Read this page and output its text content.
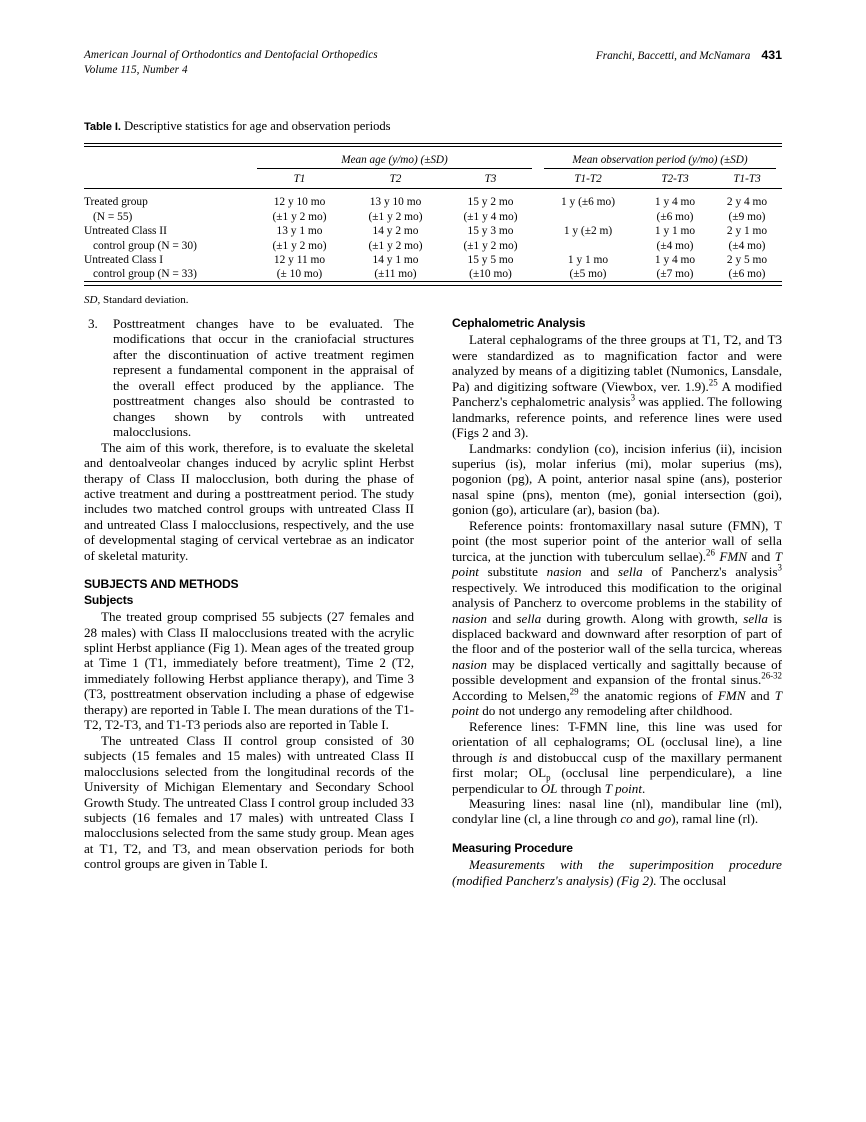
American Journal of Orthodontics and Dentofacial Orthopedics
Volume 115, Number 4
Franchi, Baccetti, and McNamara 431
Table I. Descriptive statistics for age and observation periods

	Mean age (y/mo) (±SD)			Mean observation period (y/mo) (±SD)		

	T1	T2	T3	T1-T2	T2-T3	T1-T3

Treated group	12 y 10 mo	13 y 10 mo	15 y 2 mo	1 y (±6 mo)	1 y 4 mo	2 y 4 mo
(N = 55)	(±1 y 2 mo)	(±1 y 2 mo)	(±1 y 4 mo)		(±6 mo)	(±9 mo)
Untreated Class II	13 y 1 mo	14 y 2 mo	15 y 3 mo	1 y (±2 m)	1 y 1 mo	2 y 1 mo
control group (N = 30)	(±1 y 2 mo)	(±1 y 2 mo)	(±1 y 2 mo)		(±4 mo)	(±4 mo)
Untreated Class I	12 y 11 mo	14 y 1 mo	15 y 5 mo	1 y 1 mo	1 y 4 mo	2 y 5 mo
control group (N = 33)	(± 10 mo)	(±11 mo)	(±10 mo)	(±5 mo)	(±7 mo)	(±6 mo)

SD, Standard deviation.
3. Posttreatment changes have to be evaluated. The modifications that occur in the craniofacial structures after the discontinuation of active treatment regimen represent a fundamental component in the appraisal of the overall effect produced by the appliance. The posttreatment changes also should be contrasted to changes shown by controls with untreated malocclusions.

The aim of this work, therefore, is to evaluate the skeletal and dentoalveolar changes induced by acrylic splint Herbst therapy of Class II malocclusion, both during the phase of active treatment and during a posttreatment period. The study includes two matched control groups with untreated Class II and untreated Class I malocclusions, respectively, and the use of developmental staging of cervical vertebrae as an indicator of skeletal maturity.

SUBJECTS AND METHODS
Subjects

The treated group comprised 55 subjects (27 females and 28 males) with Class II malocclusions treated with the acrylic splint Herbst appliance (Fig 1). Mean ages of the treated group at Time 1 (T1, immediately before treatment), Time 2 (T2, immediately following Herbst appliance therapy), and Time 3 (T3, posttreatment observation including a phase of edgewise therapy) are reported in Table I. The mean durations of the T1-T2, T2-T3, and T1-T3 periods also are reported in Table I.

The untreated Class II control group consisted of 30 subjects (15 females and 15 males) with untreated Class II malocclusions selected from the longitudinal records of the University of Michigan Elementary and Secondary School Growth Study. The untreated Class I control group included 33 subjects (16 females and 17 males) with untreated Class I malocclusions selected from the same study group. Mean ages at T1, T2, and T3, and mean observation periods for both control groups are given in Table I.

Cephalometric Analysis

Lateral cephalograms of the three groups at T1, T2, and T3 were standardized as to magnification factor and were analyzed by means of a digitizing tablet (Numonics, Lansdale, Pa) and digitizing software (Viewbox, ver. 1.9).$^{25}$ A modified Pancherz's cephalometric analysis$^3$ was applied. The following landmarks, reference points, and reference lines were used (Figs 2 and 3).

Landmarks: condylion (co), incision inferius (ii), incision superius (is), molar inferius (mi), molar superius (ms), pogonion (pg), A point, anterior nasal spine (ans), posterior nasal spine (pns), menton (me), gonial intersection (goi), gonion (go), articulare (ar), basion (ba).

Reference points: frontomaxillary nasal suture (FMN), T point (the most superior point of the anterior wall of sella turcica, at the junction with tuberculum sellae).$^{26}$ FMN and T point substitute nasion and sella of Pancherz's analysis$^3$ respectively. We introduced this modification to the original analysis of Pancherz to overcome problems in the stability of nasion and sella during growth. Along with growth, sella is displaced backward and downward after resorption of part of the floor and of the posterior wall of the sella turcica, whereas nasion may be displaced vertically and sagittally because of possible development and expansion of the frontal sinus.$^{26-32}$ According to Melsen,$^{29}$ the anatomic regions of FMN and T point do not undergo any remodeling after childhood.

Reference lines: T-FMN line, this line was used for orientation of all cephalograms; OL (occlusal line), a line through is and distobuccal cusp of the maxillary permanent first molar; $OL_p$ (occlusal line perpendiculare), a line perpendicular to OL through T point.

Measuring lines: nasal line (nl), mandibular line (ml), condylar line (cl, a line through co and go), ramal line (rl).

Measuring Procedure

Measurements with the superimposition procedure (modified Pancherz's analysis) (Fig 2). The occlusal
